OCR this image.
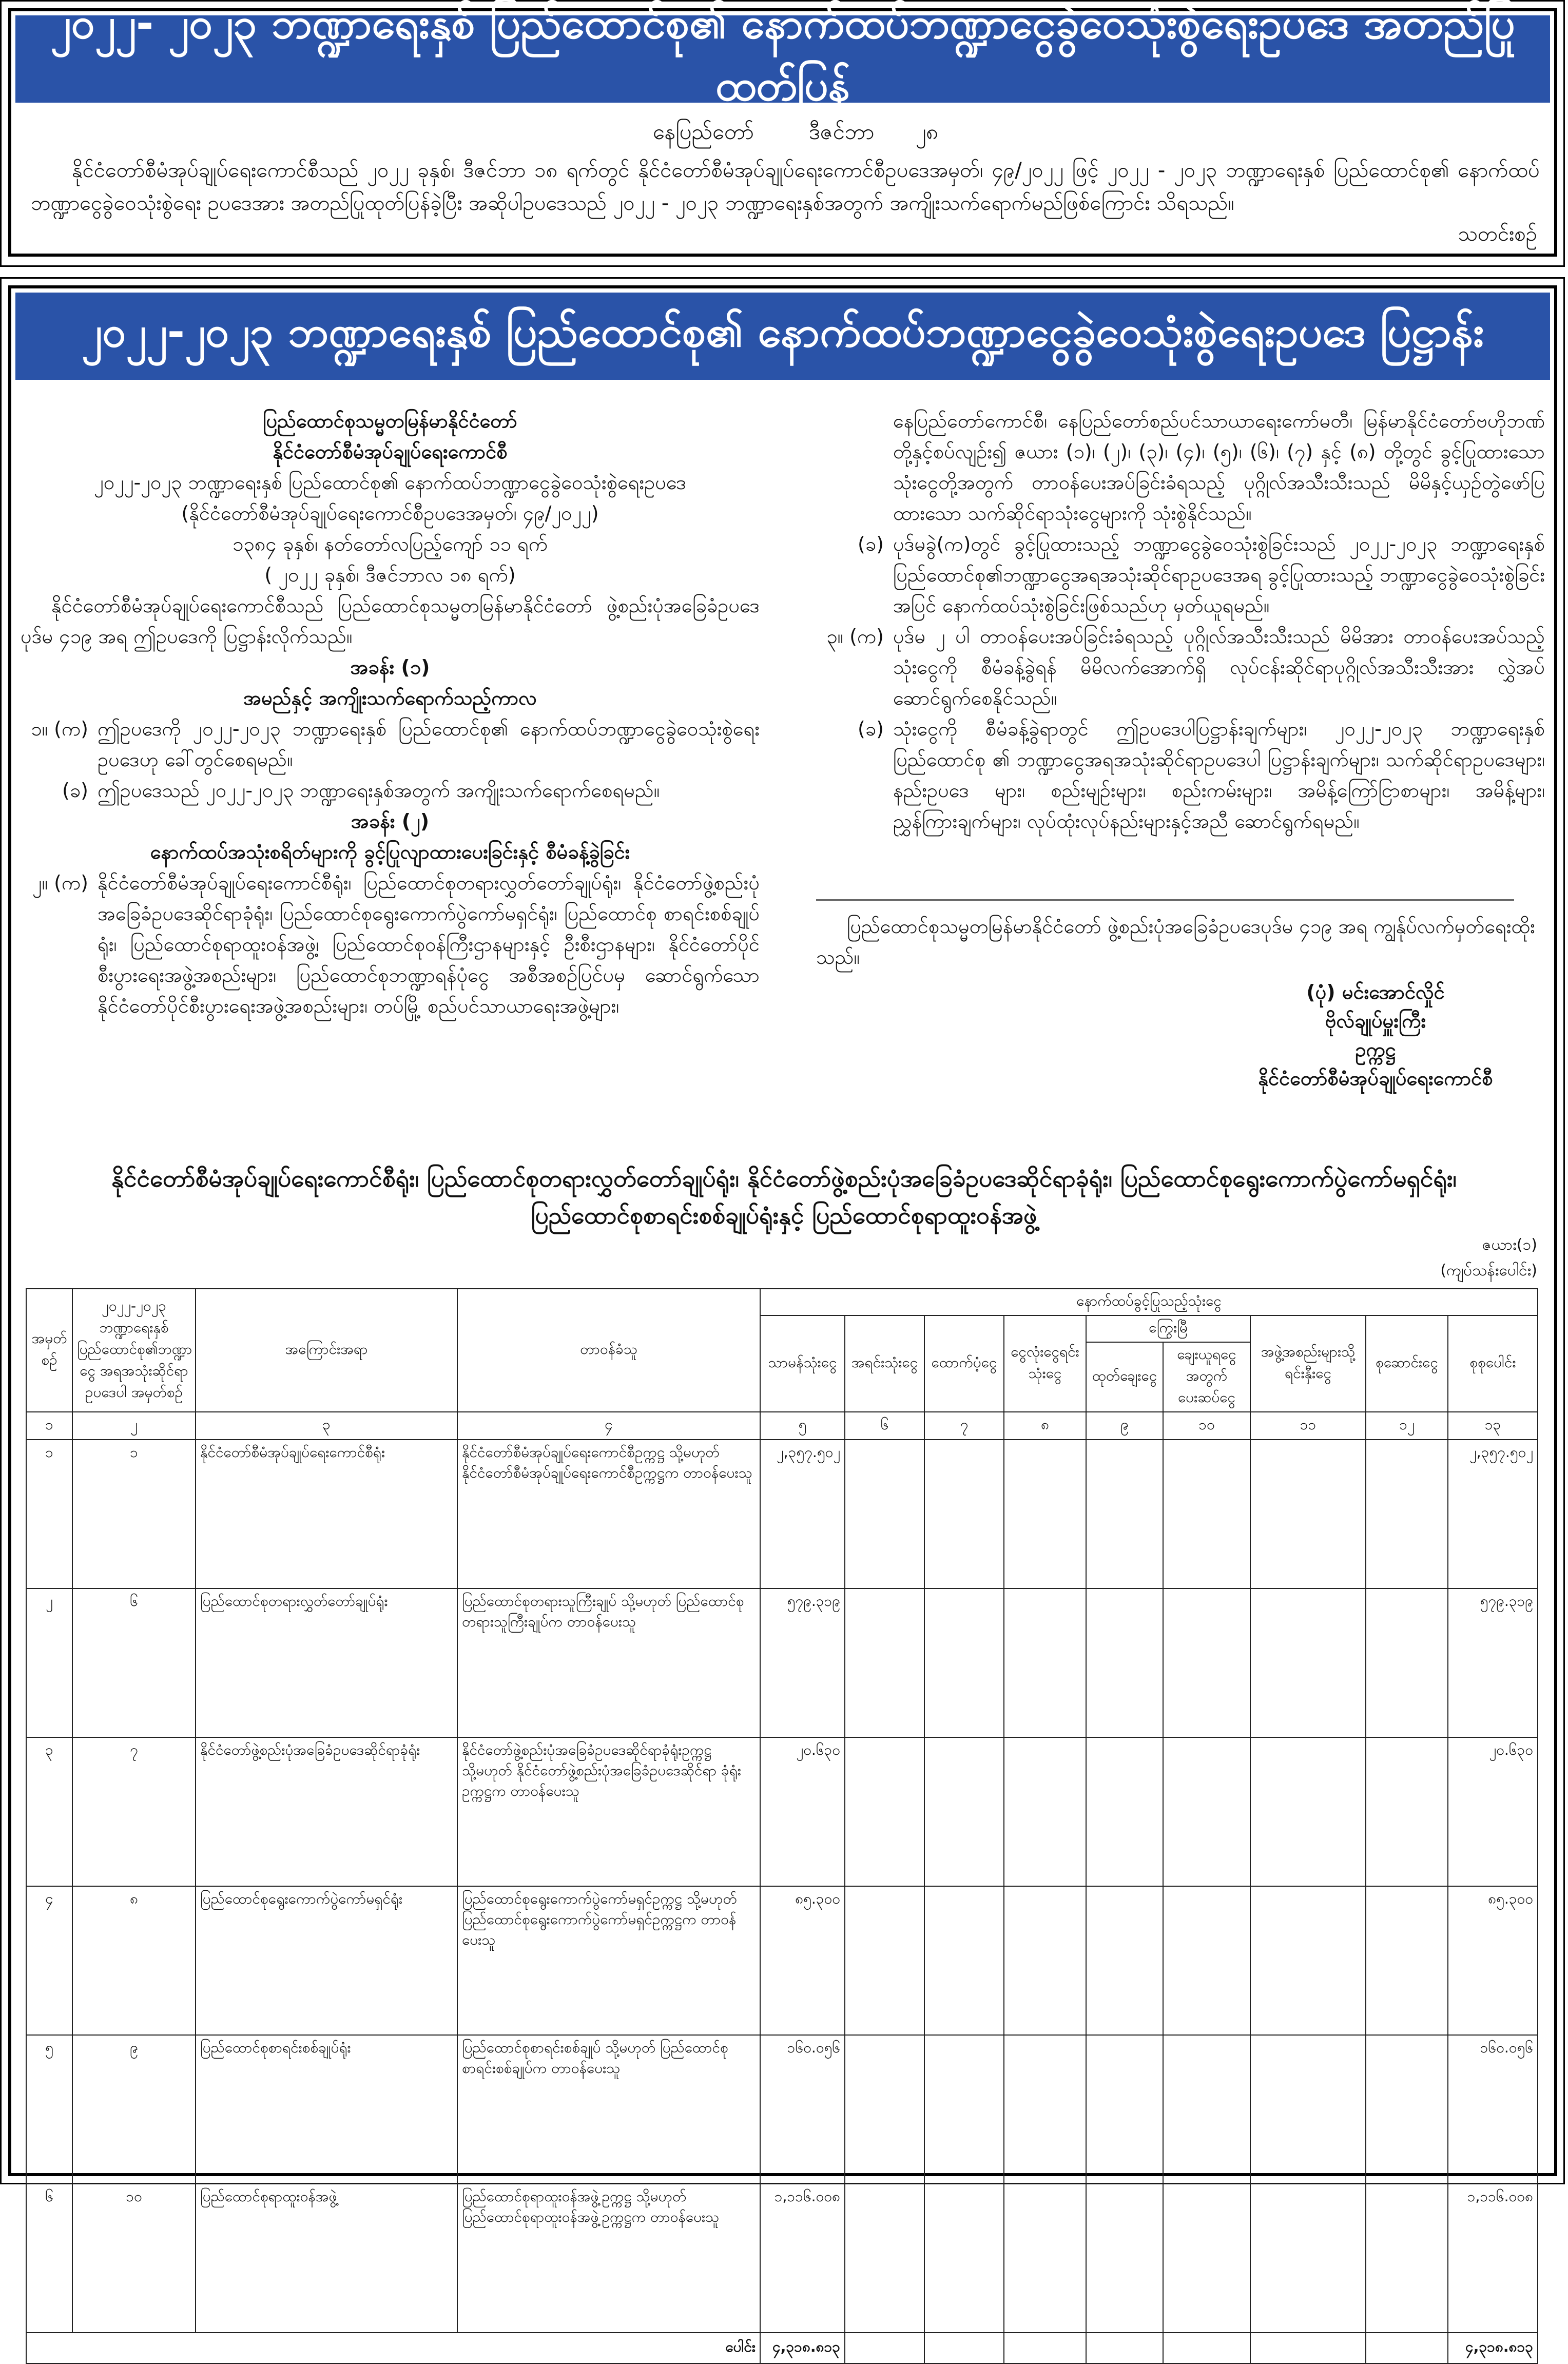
၂၀၂၂- ၂၀၂၃ ဘဏ္ဍာရေးနှစ် ပြည်ထောင်စု၏ နောက်ထပ်ဘဏ္ဍာငွေခွဲဝေသုံးစွဲရေးဥပဒေ အတည်ပြုထုတ်ပြန်
နေပြည်တော်	ဒီဇင်ဘာ ၂၈
နိုင်ငံတော်စီမံအုပ်ချုပ်ရေးကောင်စီသည် ၂၀၂၂ ခုနှစ်၊ ဒီဇင်ဘာ ၁၈ ရက်တွင် နိုင်ငံတော်စီမံအုပ်ချုပ်ရေးကောင်စီဥပဒေအမှတ်၊ ၄၉/၂၀၂၂ ဖြင့် ၂၀၂၂ - ၂၀၂၃ ဘဏ္ဍာရေးနှစ် ပြည်ထောင်စု၏ နောက်ထပ်ဘဏ္ဍာငွေခွဲဝေသုံးစွဲရေး ဥပဒေအား အတည်ပြုထုတ်ပြန်ခဲ့ပြီး အဆိုပါဥပဒေသည် ၂၀၂၂ - ၂၀၂၃ ဘဏ္ဍာရေးနှစ်အတွက် အကျိုးသက်ရောက်မည်ဖြစ်ကြောင်း သိရသည်။
သတင်းစဉ်
၂၀၂၂-၂၀၂၃ ဘဏ္ဍာရေးနှစ် ပြည်ထောင်စု၏ နောက်ထပ်ဘဏ္ဍာငွေခွဲဝေသုံးစွဲရေးဥပဒေ ပြဋ္ဌာန်း
ပြည်ထောင်စုသမ္မတမြန်မာနိုင်ငံတော်
နိုင်ငံတော်စီမံအုပ်ချုပ်ရေးကောင်စီ
၂၀၂၂-၂၀၂၃ ဘဏ္ဍာရေးနှစ် ပြည်ထောင်စု၏ နောက်ထပ်ဘဏ္ဍာငွေခွဲဝေသုံးစွဲရေးဥပဒေ
(နိုင်ငံတော်စီမံအုပ်ချုပ်ရေးကောင်စီဥပဒေအမှတ်၊ ၄၉/၂၀၂၂)
၁၃၈၄ ခုနှစ်၊ နတ်တော်လပြည့်ကျော် ၁၁ ရက်
( ၂၀၂၂ ခုနှစ်၊ ဒီဇင်ဘာလ ၁၈ ရက်)
နိုင်ငံတော်စီမံအုပ်ချုပ်ရေးကောင်စီသည် ပြည်ထောင်စုသမ္မတမြန်မာနိုင်ငံတော် ဖွဲ့စည်းပုံအခြေခံဥပဒေ ပုဒ်မ ၄၁၉ အရ ဤဥပဒေကို ပြဋ္ဌာန်းလိုက်သည်။
အခန်း (၁)
အမည်နှင့် အကျိုးသက်ရောက်သည့်ကာလ
၁။ (က) ဤဥပဒေကို ၂၀၂၂-၂၀၂၃ ဘဏ္ဍာရေးနှစ် ပြည်ထောင်စု၏ နောက်ထပ်ဘဏ္ဍာငွေခွဲဝေသုံးစွဲရေး ဥပဒေဟု ခေါ်တွင်စေရမည်။
(ခ) ဤဥပဒေသည် ၂၀၂၂-၂၀၂၃ ဘဏ္ဍာရေးနှစ်အတွက် အကျိုးသက်ရောက်စေရမည်။
အခန်း (၂)
နောက်ထပ်အသုံးစရိတ်များကို ခွင့်ပြုလျာထားပေးခြင်းနှင့် စီမံခန့်ခွဲခြင်း
၂။ (က) နိုင်ငံတော်စီမံအုပ်ချုပ်ရေးကောင်စီရုံး၊ ပြည်ထောင်စုတရားလွှတ်တော်ချုပ်ရုံး၊ နိုင်ငံတော်ဖွဲ့စည်းပုံ အခြေခံဥပဒေဆိုင်ရာခုံရုံး၊ ပြည်ထောင်စုရွေးကောက်ပွဲကော်မရှင်ရုံး၊ ပြည်ထောင်စု စာရင်းစစ်ချုပ်ရုံး၊ ပြည်ထောင်စုရာထူးဝန်အဖွဲ့၊ ပြည်ထောင်စုဝန်ကြီးဌာနများနှင့် ဦးစီးဌာနများ၊ နိုင်ငံတော်ပိုင်စီးပွားရေးအဖွဲ့အစည်းများ၊ ပြည်ထောင်စုဘဏ္ဍာရန်ပုံငွေ အစီအစဉ်ပြင်ပမှ ဆောင်ရွက်သော နိုင်ငံတော်ပိုင်စီးပွားရေးအဖွဲ့အစည်းများ၊ တပ်မြို့ စည်ပင်သာယာရေးအဖွဲ့များ၊
နေပြည်တော်ကောင်စီ၊ နေပြည်တော်စည်ပင်သာယာရေးကော်မတီ၊ မြန်မာနိုင်ငံတော်ဗဟိုဘဏ် တို့နှင့်စပ်လျဉ်း၍ ဇယား (၁)၊ (၂)၊ (၃)၊ (၄)၊ (၅)၊ (၆)၊ (၇) နှင့် (၈) တို့တွင် ခွင့်ပြုထားသော သုံးငွေတို့အတွက် တာဝန်ပေးအပ်ခြင်းခံရသည့် ပုဂ္ဂိုလ်အသီးသီးသည် မိမိနှင့်ယှဉ်တွဲဖော်ပြ ထားသော သက်ဆိုင်ရာသုံးငွေများကို သုံးစွဲနိုင်သည်။
(ခ) ပုဒ်မခွဲ(က)တွင် ခွင့်ပြုထားသည့် ဘဏ္ဍာငွေခွဲဝေသုံးစွဲခြင်းသည် ၂၀၂၂-၂၀၂၃ ဘဏ္ဍာရေးနှစ် ပြည်ထောင်စု၏ဘဏ္ဍာငွေအရအသုံးဆိုင်ရာဥပဒေအရ ခွင့်ပြုထားသည့် ဘဏ္ဍာငွေခွဲဝေသုံးစွဲခြင်း အပြင် နောက်ထပ်သုံးစွဲခြင်းဖြစ်သည်ဟု မှတ်ယူရမည်။
၃။ (က) ပုဒ်မ ၂ ပါ တာဝန်ပေးအပ်ခြင်းခံရသည့် ပုဂ္ဂိုလ်အသီးသီးသည် မိမိအား တာဝန်ပေးအပ်သည့် သုံးငွေကို စီမံခန့်ခွဲရန် မိမိလက်အောက်ရှိ လုပ်ငန်းဆိုင်ရာပုဂ္ဂိုလ်အသီးသီးအား လွှဲအပ် ဆောင်ရွက်စေနိုင်သည်။
(ခ) သုံးငွေကို စီမံခန့်ခွဲရာတွင် ဤဥပဒေပါပြဋ္ဌာန်းချက်များ၊ ၂၀၂၂-၂၀၂၃ ဘဏ္ဍာရေးနှစ် ပြည်ထောင်စု ၏ ဘဏ္ဍာငွေအရအသုံးဆိုင်ရာဥပဒေပါ ပြဋ္ဌာန်းချက်များ၊ သက်ဆိုင်ရာဥပဒေများ၊ နည်းဥပဒေ များ၊ စည်းမျဉ်းများ၊ စည်းကမ်းများ၊ အမိန့်ကြော်ငြာစာများ၊ အမိန့်များ၊ ညွှန်ကြားချက်များ၊ လုပ်ထုံးလုပ်နည်းများနှင့်အညီ ဆောင်ရွက်ရမည်။
ပြည်ထောင်စုသမ္မတမြန်မာနိုင်ငံတော် ဖွဲ့စည်းပုံအခြေခံဥပဒေပုဒ်မ ၄၁၉ အရ ကျွန်ုပ်လက်မှတ်ရေးထိုးသည်။
(ပုံ) မင်းအောင်လှိုင်
ဗိုလ်ချုပ်မှူးကြီး
ဥက္ကဋ္ဌ
နိုင်ငံတော်စီမံအုပ်ချုပ်ရေးကောင်စီ
နိုင်ငံတော်စီမံအုပ်ချုပ်ရေးကောင်စီရုံး၊ ပြည်ထောင်စုတရားလွှတ်တော်ချုပ်ရုံး၊ နိုင်ငံတော်ဖွဲ့စည်းပုံအခြေခံဥပဒေဆိုင်ရာခုံရုံး၊ ပြည်ထောင်စုရွေးကောက်ပွဲကော်မရှင်ရုံး၊
ပြည်ထောင်စုစာရင်းစစ်ချုပ်ရုံးနှင့် ပြည်ထောင်စုရာထူးဝန်အဖွဲ့
ဇယား(၁)
(ကျပ်သန်းပေါင်း)
အမှတ်စဉ်	၂၀၂၂-၂၀၂၃ ဘဏ္ဍာရေးနှစ် ပြည်ထောင်စု၏ဘဏ္ဍာငွေ အရအသုံးဆိုင်ရာဥပဒေပါ အမှတ်စဉ်	အကြောင်းအရာ	တာဝန်ခံသူ	နောက်ထပ်ခွင့်ပြုသည့်သုံးငွေ								
				သာမန်သုံးငွေ	အရင်းသုံးငွေ	ထောက်ပံ့ငွေ	ငွေလုံးငွေရင်း သုံးငွေ	ကြွေးမြီ		အဖွဲ့အစည်းများသို့ ရင်းနှီးငွေ	စုဆောင်းငွေ	စုစုပေါင်း
								ထုတ်ချေးငွေ	ချေးယူရငွေ အတွက် ပေးဆပ်ငွေ			
၁	၂	၃	၄	၅	၆	၇	၈	၉	၁၀	၁၁	၁၂	၁၃
၁	၁	နိုင်ငံတော်စီမံအုပ်ချုပ်ရေးကောင်စီရုံး	နိုင်ငံတော်စီမံအုပ်ချုပ်ရေးကောင်စီဥက္ကဋ္ဌ သို့မဟုတ် နိုင်ငံတော်စီမံအုပ်ချုပ်ရေးကောင်စီဥက္ကဋ္ဌက တာဝန်ပေးသူ	၂,၃၅၇.၅၀၂								၂,၃၅၇.၅၀၂
၂	၆	ပြည်ထောင်စုတရားလွှတ်တော်ချုပ်ရုံး	ပြည်ထောင်စုတရားသူကြီးချုပ် သို့မဟုတ် ပြည်ထောင်စုတရားသူကြီးချုပ်က တာဝန်ပေးသူ	၅၇၉.၃၁၉								၅၇၉.၃၁၉
၃	၇	နိုင်ငံတော်ဖွဲ့စည်းပုံအခြေခံဥပဒေဆိုင်ရာခုံရုံး	နိုင်ငံတော်ဖွဲ့စည်းပုံအခြေခံဥပဒေဆိုင်ရာခုံရုံးဥက္ကဋ္ဌ သို့မဟုတ် နိုင်ငံတော်ဖွဲ့စည်းပုံအခြေခံဥပဒေဆိုင်ရာ ခုံရုံးဥက္ကဋ္ဌက တာဝန်ပေးသူ	၂၀.၆၃၀								၂၀.၆၃၀
၄	၈	ပြည်ထောင်စုရွေးကောက်ပွဲကော်မရှင်ရုံး	ပြည်ထောင်စုရွေးကောက်ပွဲကော်မရှင်ဥက္ကဋ္ဌ သို့မဟုတ် ပြည်ထောင်စုရွေးကောက်ပွဲကော်မရှင်ဥက္ကဋ္ဌက တာဝန်ပေးသူ	၈၅.၃၀၀								၈၅.၃၀၀
၅	၉	ပြည်ထောင်စုစာရင်းစစ်ချုပ်ရုံး	ပြည်ထောင်စုစာရင်းစစ်ချုပ် သို့မဟုတ် ပြည်ထောင်စုစာရင်းစစ်ချုပ်က တာဝန်ပေးသူ	၁၆၀.၀၅၆								၁၆၀.၀၅၆
၆	၁၀	ပြည်ထောင်စုရာထူးဝန်အဖွဲ့	ပြည်ထောင်စုရာထူးဝန်အဖွဲ့ဥက္ကဋ္ဌ သို့မဟုတ် ပြည်ထောင်စုရာထူးဝန်အဖွဲ့ဥက္ကဋ္ဌက တာဝန်ပေးသူ	၁,၁၁၆.၀၀၈								၁,၁၁၆.၀၀၈
ပေါင်း				၄,၃၁၈.၈၁၃								၄,၃၁၈.၈၁၃
